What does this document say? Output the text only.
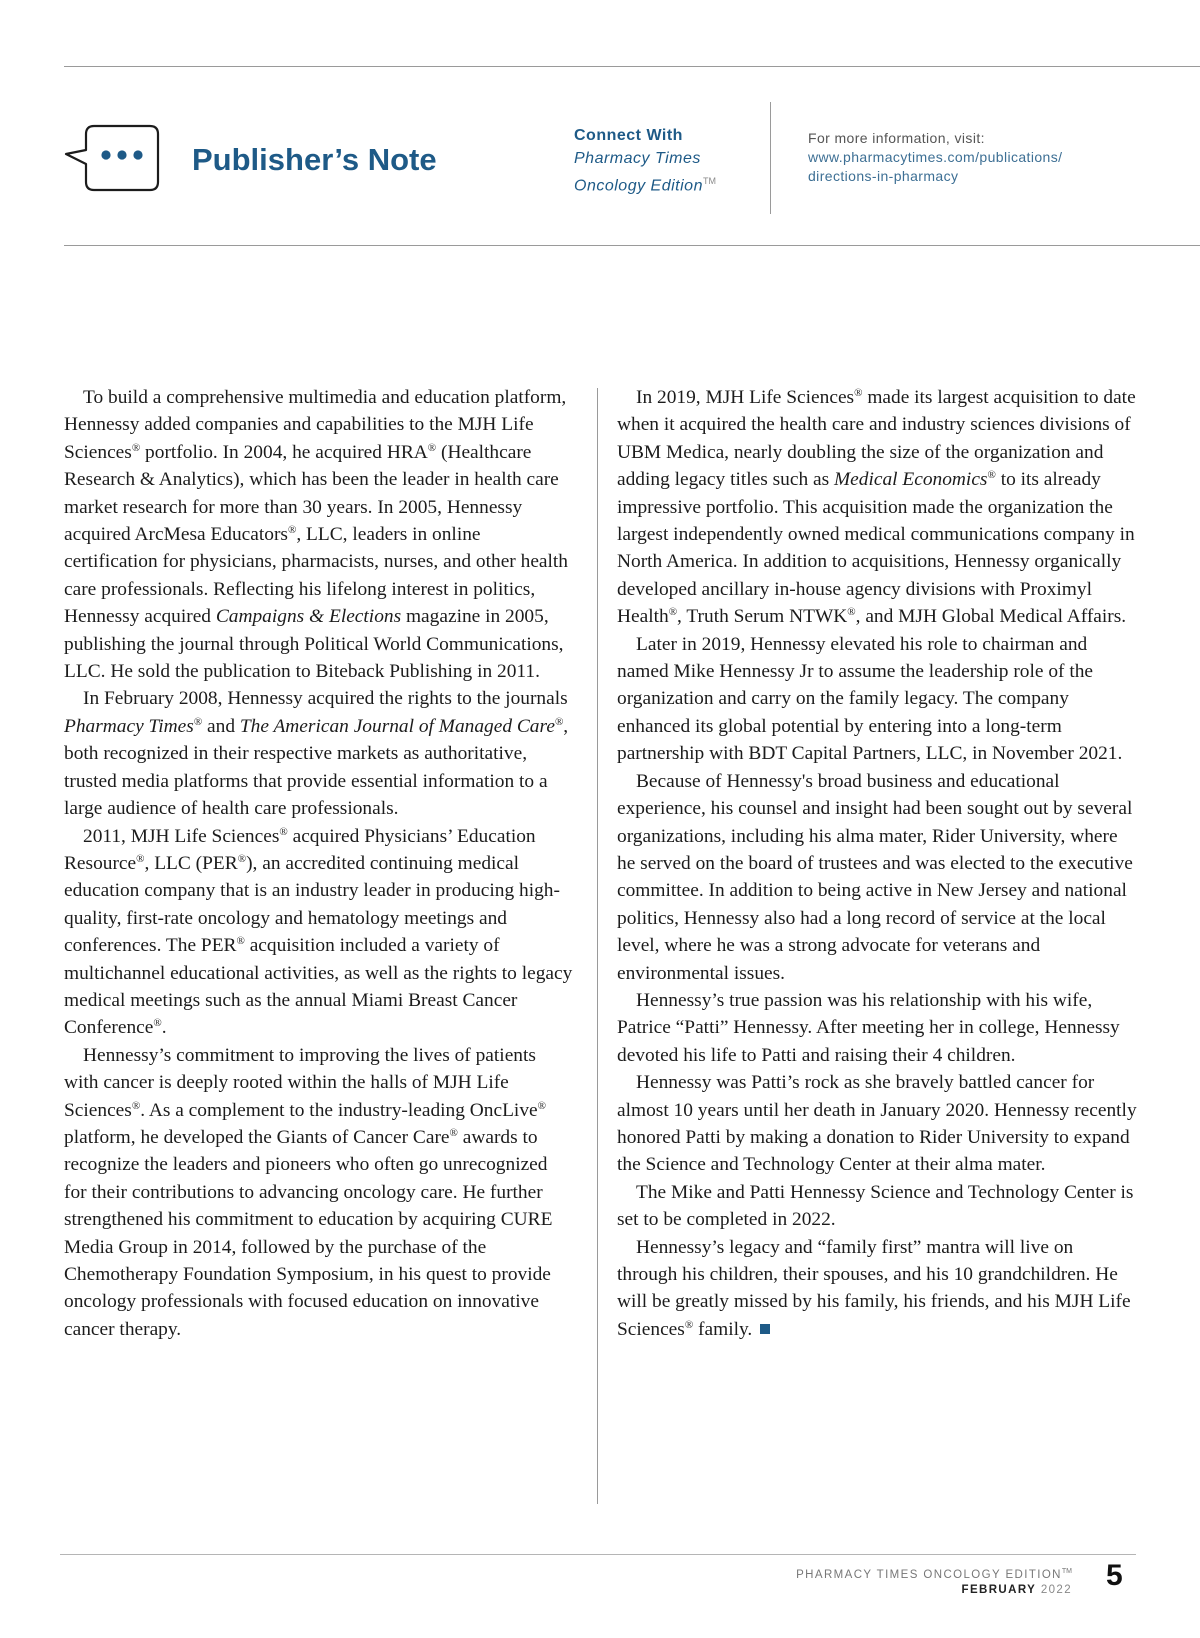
Publisher’s Note
Connect With
Pharmacy Times
Oncology Edition™
For more information, visit:
www.pharmacytimes.com/publications/
directions-in-pharmacy

To build a comprehensive multimedia and education platform, Hennessy added companies and capabilities to the MJH Life Sciences® portfolio. In 2004, he acquired HRA® (Healthcare Research & Analytics), which has been the leader in health care market research for more than 30 years. In 2005, Hennessy acquired ArcMesa Educators®, LLC, leaders in online certification for physicians, pharmacists, nurses, and other health care professionals. Reflecting his lifelong interest in politics, Hennessy acquired Campaigns & Elections magazine in 2005, publishing the journal through Political World Communications, LLC. He sold the publication to Biteback Publishing in 2011.

In February 2008, Hennessy acquired the rights to the journals Pharmacy Times® and The American Journal of Managed Care®, both recognized in their respective markets as authoritative, trusted media platforms that provide essential information to a large audience of health care professionals.

2011, MJH Life Sciences® acquired Physicians’ Education Resource®, LLC (PER®), an accredited continuing medical education company that is an industry leader in producing high-quality, first-rate oncology and hematology meetings and conferences. The PER® acquisition included a variety of multichannel educational activities, as well as the rights to legacy medical meetings such as the annual Miami Breast Cancer Conference®.

Hennessy’s commitment to improving the lives of patients with cancer is deeply rooted within the halls of MJH Life Sciences®. As a complement to the industry-leading OncLive® platform, he developed the Giants of Cancer Care® awards to recognize the leaders and pioneers who often go unrecognized for their contributions to advancing oncology care. He further strengthened his commitment to education by acquiring CURE Media Group in 2014, followed by the purchase of the Chemotherapy Foundation Symposium, in his quest to provide oncology professionals with focused education on innovative cancer therapy.

In 2019, MJH Life Sciences® made its largest acquisition to date when it acquired the health care and industry sciences divisions of UBM Medica, nearly doubling the size of the organization and adding legacy titles such as Medical Economics® to its already impressive portfolio. This acquisition made the organization the largest independently owned medical communications company in North America. In addition to acquisitions, Hennessy organically developed ancillary in-house agency divisions with Proximyl Health®, Truth Serum NTWK®, and MJH Global Medical Affairs.

Later in 2019, Hennessy elevated his role to chairman and named Mike Hennessy Jr to assume the leadership role of the organization and carry on the family legacy. The company enhanced its global potential by entering into a long-term partnership with BDT Capital Partners, LLC, in November 2021.

Because of Hennessy's broad business and educational experience, his counsel and insight had been sought out by several organizations, including his alma mater, Rider University, where he served on the board of trustees and was elected to the executive committee. In addition to being active in New Jersey and national politics, Hennessy also had a long record of service at the local level, where he was a strong advocate for veterans and environmental issues.

Hennessy’s true passion was his relationship with his wife, Patrice “Patti” Hennessy. After meeting her in college, Hennessy devoted his life to Patti and raising their 4 children.

Hennessy was Patti’s rock as she bravely battled cancer for almost 10 years until her death in January 2020. Hennessy recently honored Patti by making a donation to Rider University to expand the Science and Technology Center at their alma mater.

The Mike and Patti Hennessy Science and Technology Center is set to be completed in 2022.

Hennessy’s legacy and “family first” mantra will live on through his children, their spouses, and his 10 grandchildren. He will be greatly missed by his family, his friends, and his MJH Life Sciences® family.

PHARMACY TIMES ONCOLOGY EDITION™
FEBRUARY 2022 5
